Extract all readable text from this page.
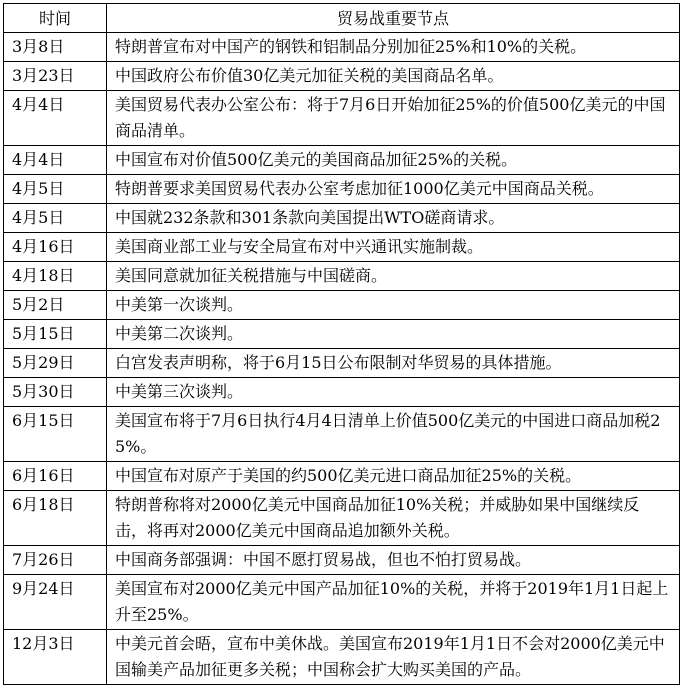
时间	贸易战重要节点
3月8日	特朗普宣布对中国产的钢铁和铝制品分别加征25%和10%的关税。
3月23日	中国政府公布价值30亿美元加征关税的美国商品名单。
4月4日	美国贸易代表办公室公布：将于7月6日开始加征25%的价值500亿美元的中国商品清单。
4月4日	中国宣布对价值500亿美元的美国商品加征25%的关税。
4月5日	特朗普要求美国贸易代表办公室考虑加征1000亿美元中国商品关税。
4月5日	中国就232条款和301条款向美国提出WTO磋商请求。
4月16日	美国商业部工业与安全局宣布对中兴通讯实施制裁。
4月18日	美国同意就加征关税措施与中国磋商。
5月2日	中美第一次谈判。
5月15日	中美第二次谈判。
5月29日	白宫发表声明称，将于6月15日公布限制对华贸易的具体措施。
5月30日	中美第三次谈判。
6月15日	美国宣布将于7月6日执行4月4日清单上价值500亿美元的中国进口商品加税25%。
6月16日	中国宣布对原产于美国的约500亿美元进口商品加征25%的关税。
6月18日	特朗普称将对2000亿美元中国商品加征10%关税；并威胁如果中国继续反击，将再对2000亿美元中国商品追加额外关税。
7月26日	中国商务部强调：中国不愿打贸易战，但也不怕打贸易战。
9月24日	美国宣布对2000亿美元中国产品加征10%的关税，并将于2019年1月1日起上升至25%。
12月3日	中美元首会晤，宣布中美休战。美国宣布2019年1月1日不会对2000亿美元中国输美产品加征更多关税；中国称会扩大购买美国的产品。
